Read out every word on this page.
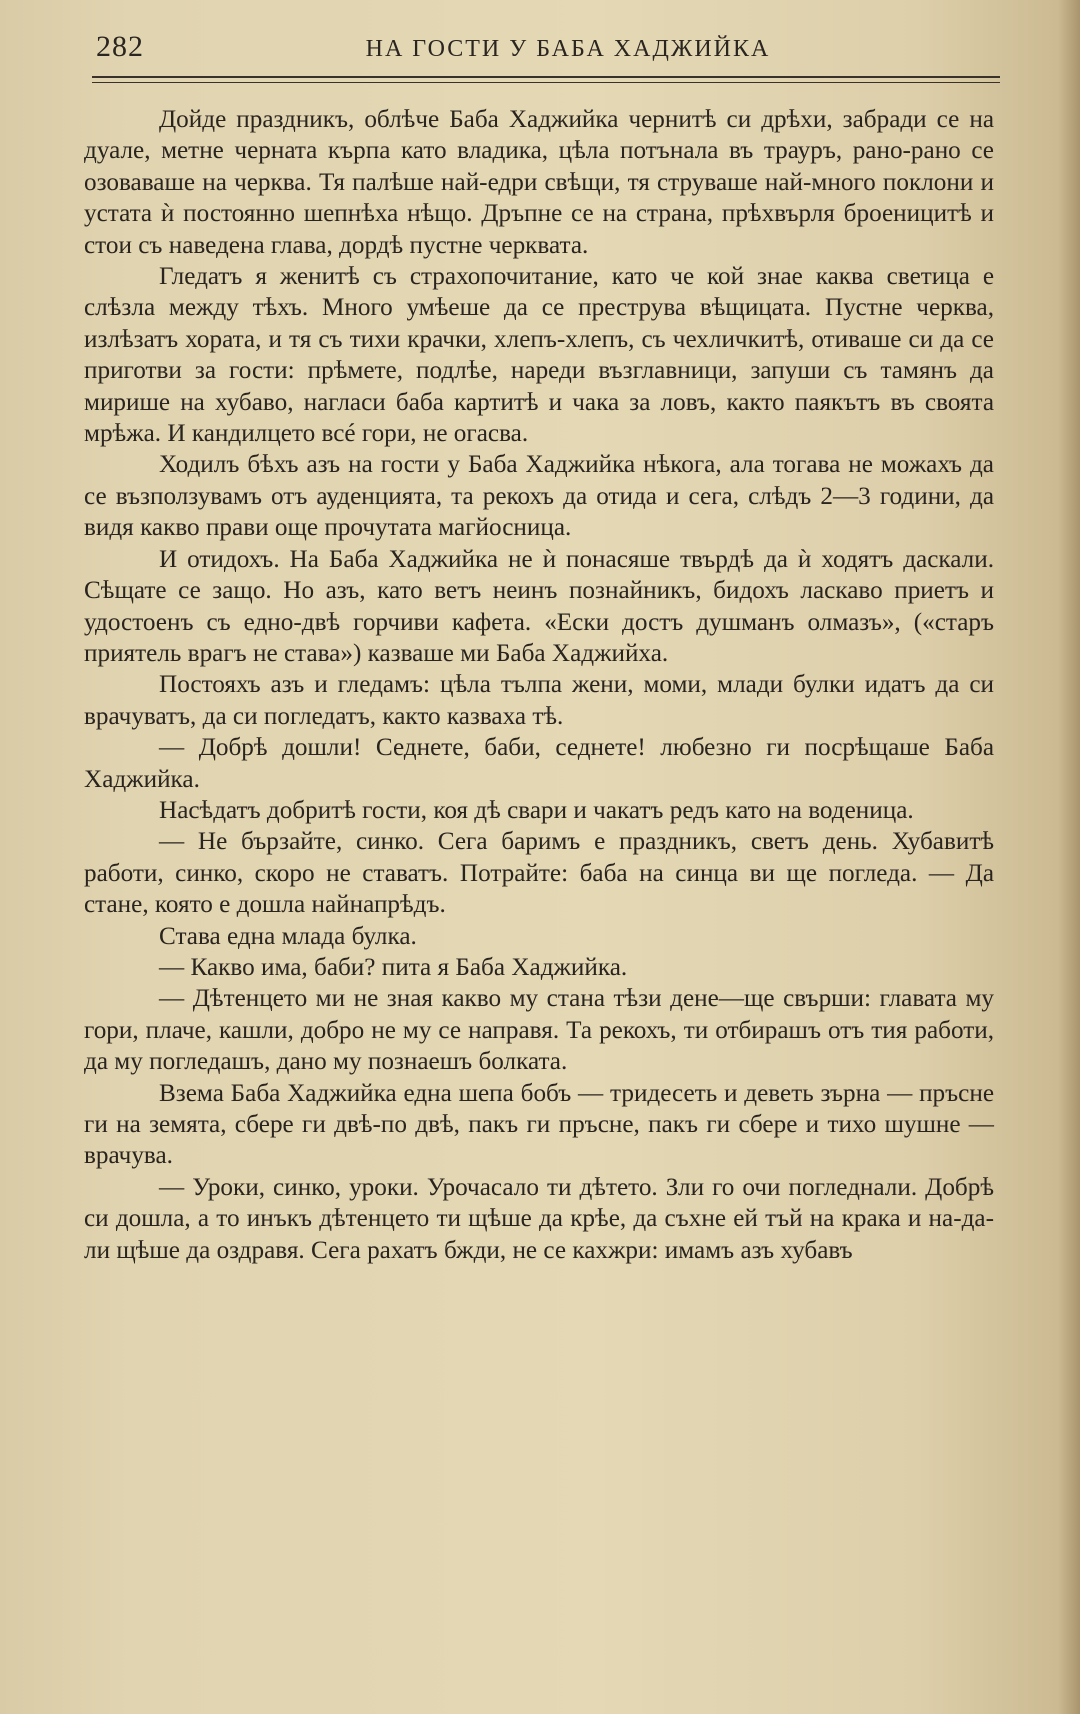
282	НА ГОСТИ У БАБА ХАДЖИЙКА

Дойде праздникъ, облѣче Баба Хаджийка чернитѣ си дрѣхи, забради се на дуале, метне черната кърпа като владика, цѣла потънала въ трауръ, рано-рано се озоваваше на черква. Тя палѣше най-едри свѣщи, тя струваше най-много поклони и устата ѝ постоянно шепнѣха нѣщо. Дръпне се на страна, прѣхвърля броеницитѣ и стои съ наведена глава, дордѣ пустне черквата.

Гледатъ я женитѣ съ страхопочитание, като че кой знае каква светица е слѣзла между тѣхъ. Много умѣеше да се преструва вѣщицата. Пустне черква, излѣзатъ хората, и тя съ тихи крачки, хлепъ-хлепъ, съ чехличкитѣ, отиваше си да се приготви за гости: прѣмете, подлѣе, нареди възглавници, запуши съ тамянъ да мирише на хубаво, нагласи баба картитѣ и чака за ловъ, както паякътъ въ своята мрѣжа. И кандилцето всé гори, не огасва.

Ходилъ бѣхъ азъ на гости у Баба Хаджийка нѣкога, ала тогава не можахъ да се възползувамъ отъ ауденцията, та рекохъ да отида и сега, слѣдъ 2—3 години, да видя какво прави още прочутата магйосница.

И отидохъ. На Баба Хаджийка не ѝ понасяше твърдѣ да ѝ ходятъ даскали. Сѣщате се защо. Но азъ, като ветъ неинъ познайникъ, бидохъ ласкаво приетъ и удостоенъ съ едно-двѣ горчиви кафета. «Ески достъ душманъ олмазъ», («старъ приятель врагъ не става») казваше ми Баба Хаджийха.

Постояхъ азъ и гледамъ: цѣла тълпа жени, моми, млади булки идатъ да си врачуватъ, да си погледатъ, както казваха тѣ.

— Добрѣ дошли! Седнете, баби, седнете! любезно ги посрѣщаше Баба Хаджийка.

Насѣдатъ добритѣ гости, коя дѣ свари и чакатъ редъ като на воденица.

— Не бързайте, синко. Сега баримъ е праздникъ, светъ день. Хубавитѣ работи, синко, скоро не ставатъ. Потрайте: баба на синца ви ще погледа. — Да стане, която е дошла найнапрѣдъ.

Става една млада булка.

— Какво има, баби? пита я Баба Хаджийка.

— Дѣтенцето ми не зная какво му стана тѣзи дене—ще свърши: главата му гори, плаче, кашли, добро не му се направя. Та рекохъ, ти отбирашъ отъ тия работи, да му погледашъ, дано му познаешъ болката.

Взема Баба Хаджийка една шепа бобъ — тридесеть и деветь зърна — пръсне ги на земята, сбере ги двѣ-по двѣ, пакъ ги пръсне, пакъ ги сбере и тихо шушне — врачува.

— Уроки, синко, уроки. Урочасало ти дѣтето. Зли го очи погледнали. Добрѣ си дошла, а то инъкъ дѣтенцето ти щѣше да крѣе, да съхне ей тъй на крака и на-да-ли щѣше да оздравя. Сега рахатъ бжди, не се кахжри: имамъ азъ хубавъ
